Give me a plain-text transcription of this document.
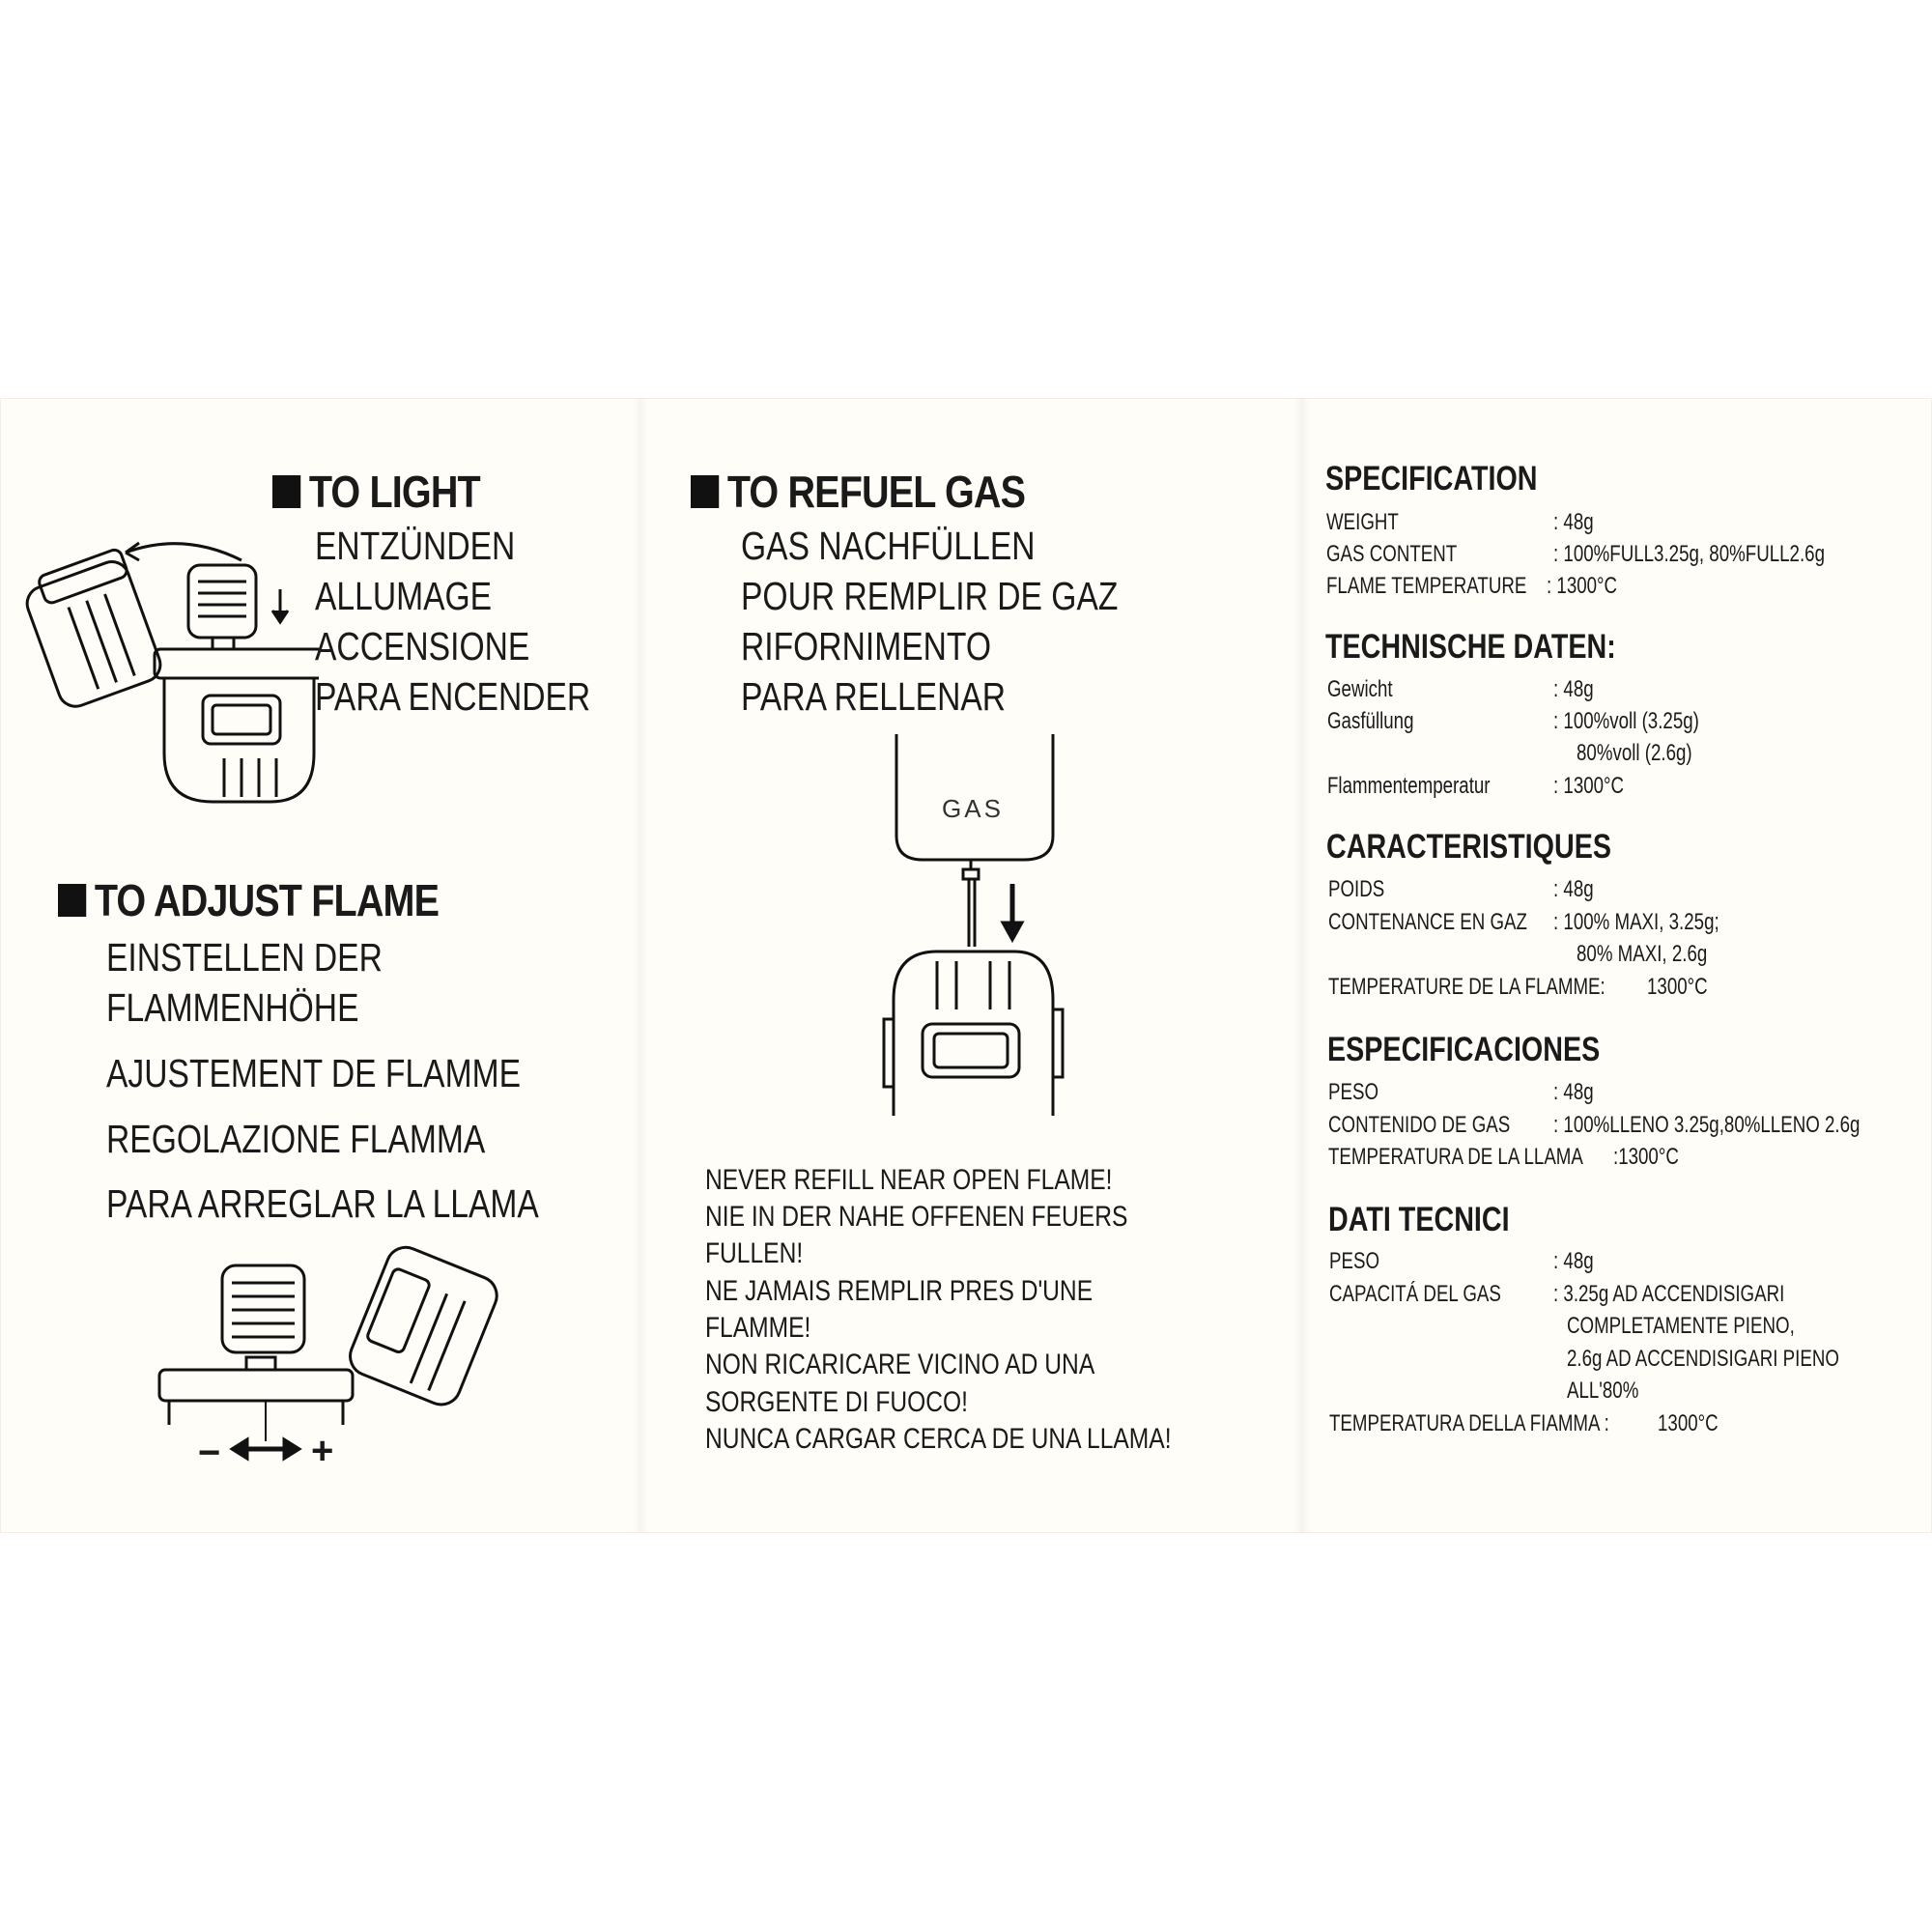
TO LIGHT
ENTZÜNDEN
ALLUMAGE
ACCENSIONE
PARA ENCENDER
TO ADJUST FLAME
EINSTELLEN DER
FLAMMENHÖHE
AJUSTEMENT DE FLAMME
REGOLAZIONE FLAMMA
PARA ARREGLAR LA LLAMA
− +
TO REFUEL GAS
GAS NACHFÜLLEN
POUR REMPLIR DE GAZ
RIFORNIMENTO
PARA RELLENAR
GAS
NEVER REFILL NEAR OPEN FLAME!
NIE IN DER NAHE OFFENEN FEUERS
FULLEN!
NE JAMAIS REMPLIR PRES D'UNE
FLAMME!
NON RICARICARE VICINO AD UNA
SORGENTE DI FUOCO!
NUNCA CARGAR CERCA DE UNA LLAMA!
SPECIFICATION
WEIGHT	: 48g
GAS CONTENT	: 100%FULL3.25g, 80%FULL2.6g
FLAME TEMPERATURE : 1300°C
TECHNISCHE DATEN:
Gewicht	: 48g
Gasfüllung	: 100%voll (3.25g)
80%voll (2.6g)
Flammentemperatur	: 1300°C
CARACTERISTIQUES
POIDS	: 48g
CONTENANCE EN GAZ : 100% MAXI, 3.25g;
80% MAXI, 2.6g
TEMPERATURE DE LA FLAMME: 1300°C
ESPECIFICACIONES
PESO	: 48g
CONTENIDO DE GAS : 100%LLENO 3.25g,80%LLENO 2.6g
TEMPERATURA DE LA LLAMA :1300°C
DATI TECNICI
PESO	: 48g
CAPACITÁ DEL GAS : 3.25g AD ACCENDISIGARI
COMPLETAMENTE PIENO,
2.6g AD ACCENDISIGARI PIENO
ALL'80%
TEMPERATURA DELLA FIAMMA : 1300°C
